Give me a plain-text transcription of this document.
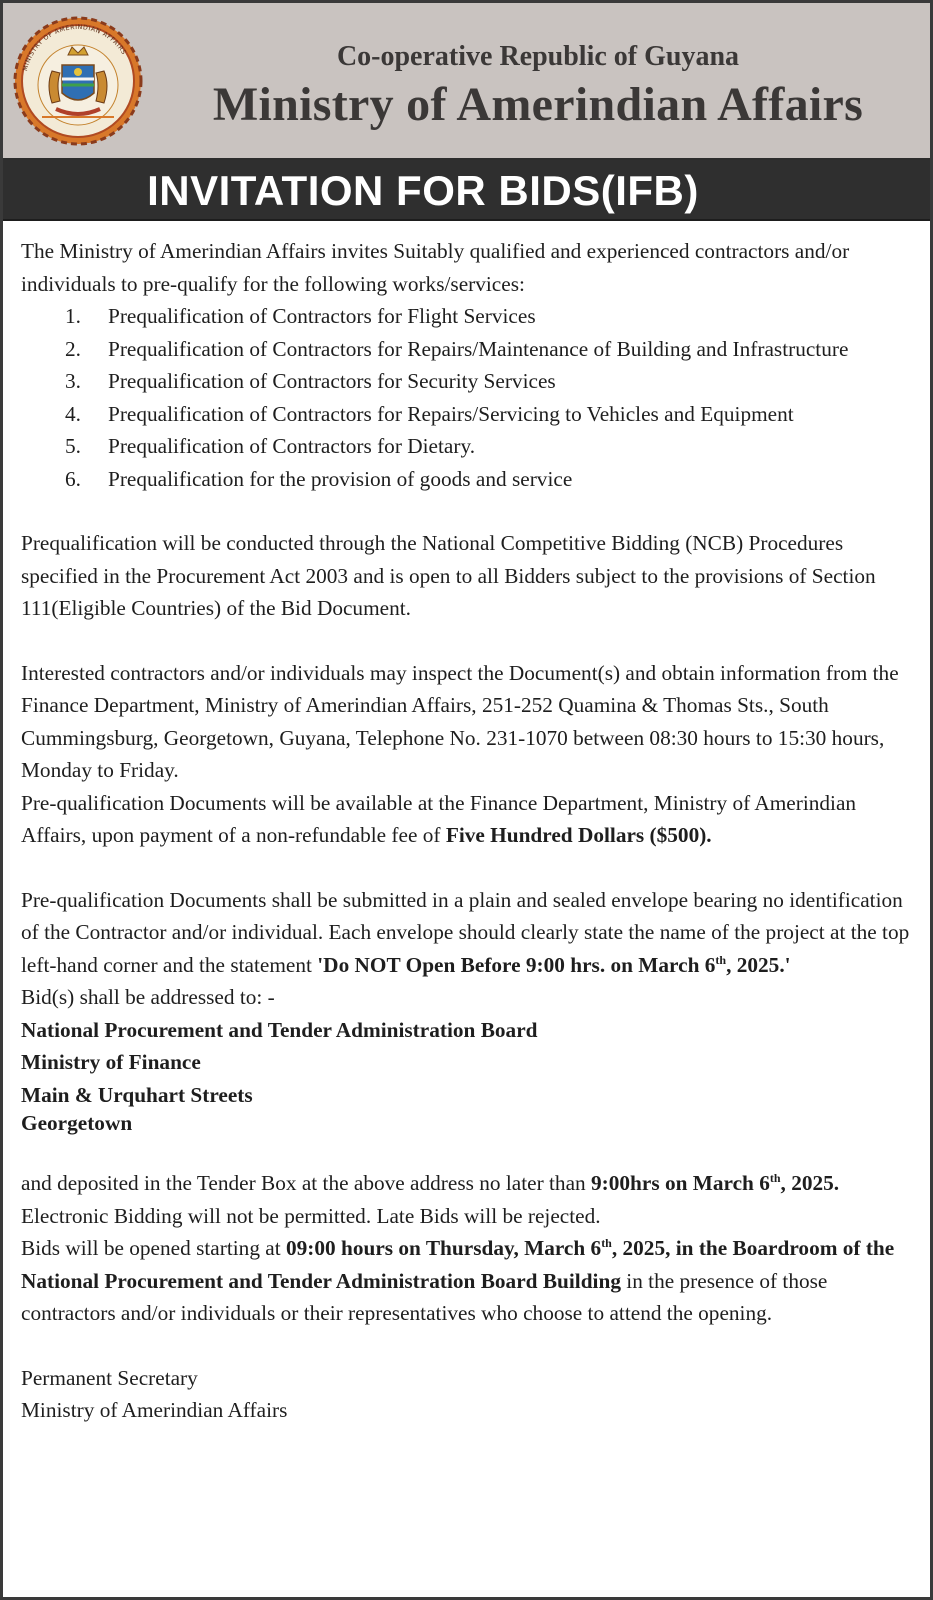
MINISTRY OF AMERINDIAN AFFAIRS	Co-operative Republic of Guyana
Ministry of Amerindian Affairs
INVITATION FOR BIDS(IFB)

The Ministry of Amerindian Affairs invites Suitably qualified and experienced contractors and/or individuals to pre-qualify for the following works/services:

1. Prequalification of Contractors for Flight Services
2. Prequalification of Contractors for Repairs/Maintenance of Building and Infrastructure
3. Prequalification of Contractors for Security Services
4. Prequalification of Contractors for Repairs/Servicing to Vehicles and Equipment
5. Prequalification of Contractors for Dietary.
6. Prequalification for the provision of goods and service

Prequalification will be conducted through the National Competitive Bidding (NCB) Procedures specified in the Procurement Act 2003 and is open to all Bidders subject to the provisions of Section 111(Eligible Countries) of the Bid Document.

Interested contractors and/or individuals may inspect the Document(s) and obtain information from the Finance Department, Ministry of Amerindian Affairs, 251-252 Quamina & Thomas Sts., South Cummingsburg, Georgetown, Guyana, Telephone No. 231-1070 between 08:30 hours to 15:30 hours, Monday to Friday.

Pre-qualification Documents will be available at the Finance Department, Ministry of Amerindian Affairs, upon payment of a non-refundable fee of Five Hundred Dollars ($500).

Pre-qualification Documents shall be submitted in a plain and sealed envelope bearing no identification of the Contractor and/or individual. Each envelope should clearly state the name of the project at the top left-hand corner and the statement 'Do NOT Open Before 9:00 hrs. on March 6th, 2025.'

Bid(s) shall be addressed to: -

National Procurement and Tender Administration Board
Ministry of Finance
Main & Urquhart Streets
Georgetown

and deposited in the Tender Box at the above address no later than 9:00hrs on March 6th, 2025. Electronic Bidding will not be permitted. Late Bids will be rejected.

Bids will be opened starting at 09:00 hours on Thursday, March 6th, 2025, in the Boardroom of the National Procurement and Tender Administration Board Building in the presence of those contractors and/or individuals or their representatives who choose to attend the opening.

Permanent Secretary

Ministry of Amerindian Affairs
